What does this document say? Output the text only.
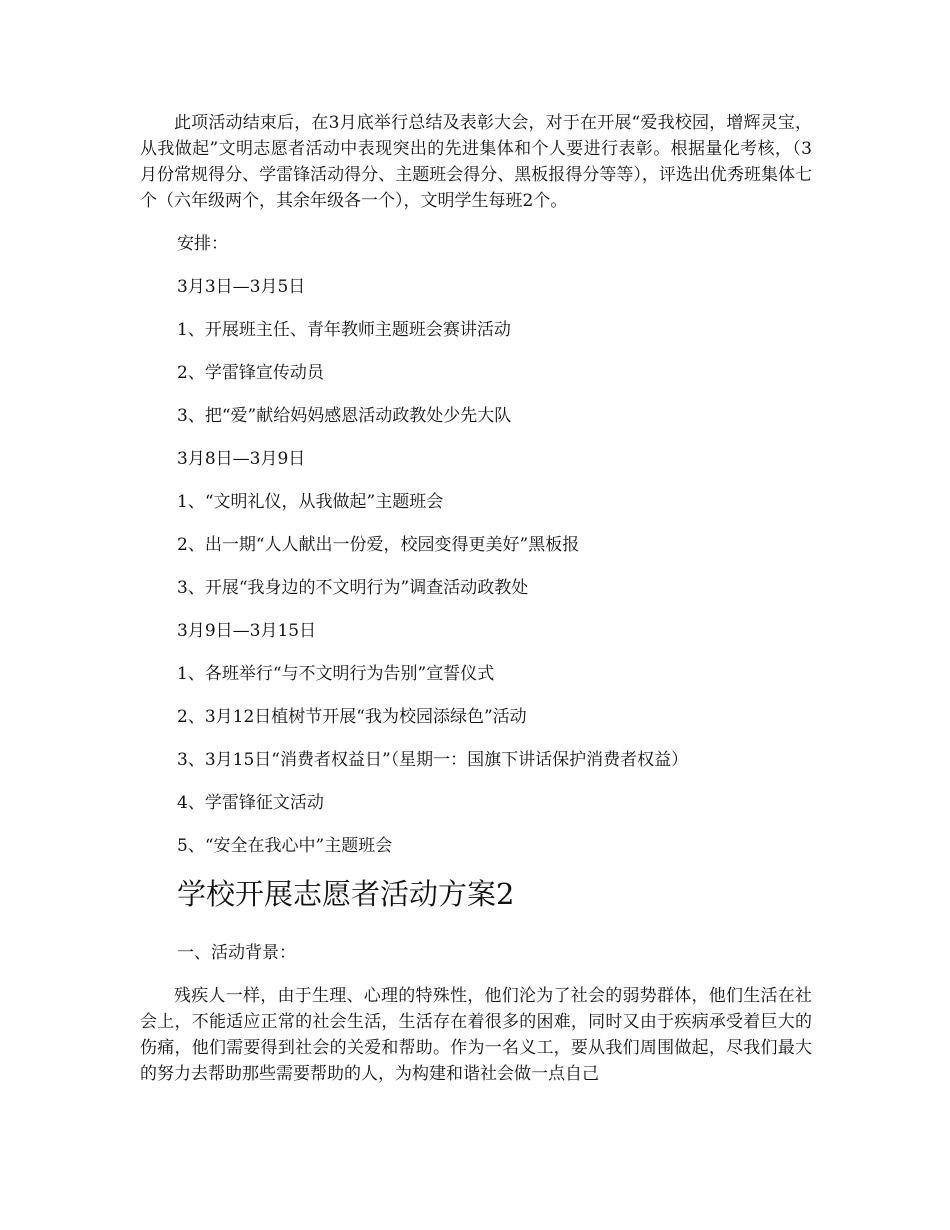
此项活动结束后，在3月底举行总结及表彰大会，对于在开展“爱我校园，增辉灵宝，从我做起”文明志愿者活动中表现突出的先进集体和个人要进行表彰。根据量化考核，（3月份常规得分、学雷锋活动得分、主题班会得分、黑板报得分等等），评选出优秀班集体七个（六年级两个，其余年级各一个），文明学生每班2个。

安排：

3月3日—3月5日

1、开展班主任、青年教师主题班会赛讲活动

2、学雷锋宣传动员

3、把“爱”献给妈妈感恩活动政教处少先大队

3月8日—3月9日

1、“文明礼仪，从我做起”主题班会

2、出一期“人人献出一份爱，校园变得更美好”黑板报

3、开展“我身边的不文明行为”调查活动政教处

3月9日—3月15日

1、各班举行“与不文明行为告别”宣誓仪式

2、3月12日植树节开展“我为校园添绿色”活动

3、3月15日“消费者权益日”（星期一：国旗下讲话保护消费者权益）

4、学雷锋征文活动

5、“安全在我心中”主题班会

学校开展志愿者活动方案2

一、活动背景：

残疾人一样，由于生理、心理的特殊性，他们沦为了社会的弱势群体，他们生活在社会上，不能适应正常的社会生活，生活存在着很多的困难，同时又由于疾病承受着巨大的伤痛，他们需要得到社会的关爱和帮助。作为一名义工，要从我们周围做起，尽我们最大的努力去帮助那些需要帮助的人，为构建和谐社会做一点自己
